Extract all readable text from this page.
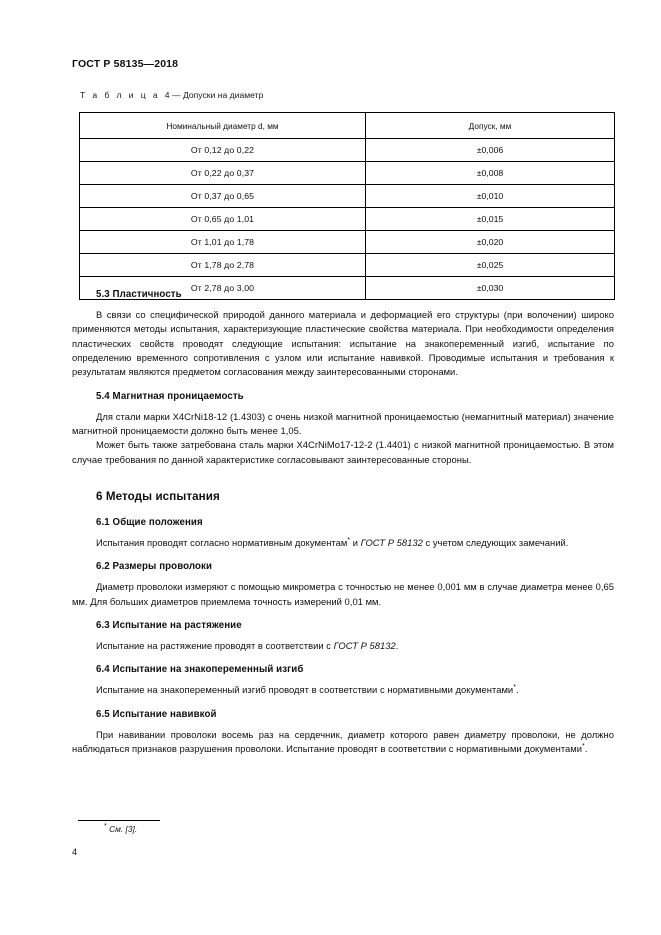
ГОСТ Р 58135—2018
Т а б л и ц а 4 — Допуски на диаметр
Номинальный диаметр d, мм	Допуск, мм
От 0,12 до 0,22	±0,006
От 0,22 до 0,37	±0,008
От 0,37 до 0,65	±0,010
От 0,65 до 1,01	±0,015
От 1,01 до 1,78	±0,020
От 1,78 до 2,78	±0,025
От 2,78 до 3,00	±0,030
5.3 Пластичность

В связи со специфической природой данного материала и деформацией его структуры (при волочении) широко применяются методы испытания, характеризующие пластические свойства материала. При необходимости определения пластических свойств проводят следующие испытания: испытание на знакопеременный изгиб, испытание по определению временного сопротивления с узлом или испытание навивкой. Проводимые испытания и требования к результатам являются предметом согласования между заинтересованными сторонами.

5.4 Магнитная проницаемость

Для стали марки X4CrNi18-12 (1.4303) с очень низкой магнитной проницаемостью (немагнитный материал) значение магнитной проницаемости должно быть менее 1,05.

Может быть также затребована сталь марки X4CrNiMo17-12-2 (1.4401) с низкой магнитной проницаемостью. В этом случае требования по данной характеристике согласовывают заинтересованные стороны.

6 Методы испытания
6.1 Общие положения

Испытания проводят согласно нормативным документам* и ГОСТ Р 58132 с учетом следующих замечаний.

6.2 Размеры проволоки

Диаметр проволоки измеряют с помощью микрометра с точностью не менее 0,001 мм в случае диаметра менее 0,65 мм. Для больших диаметров приемлема точность измерений 0,01 мм.

6.3 Испытание на растяжение

Испытание на растяжение проводят в соответствии с ГОСТ Р 58132.

6.4 Испытание на знакопеременный изгиб

Испытание на знакопеременный изгиб проводят в соответствии с нормативными документами*.

6.5 Испытание навивкой

При навивании проволоки восемь раз на сердечник, диаметр которого равен диаметру проволоки, не должно наблюдаться признаков разрушения проволоки. Испытание проводят в соответствии с нормативными документами*.

* См. [3].
4
